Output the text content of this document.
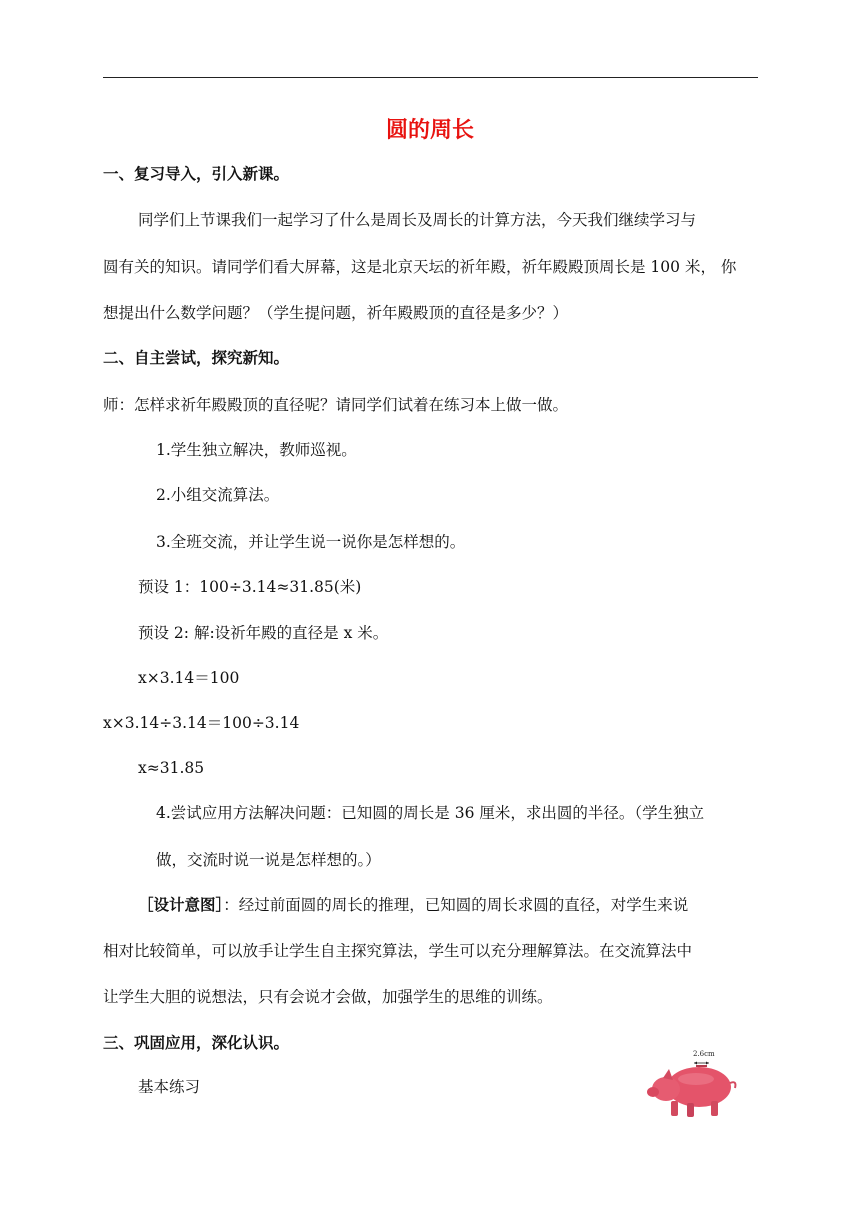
圆的周长
一、复习导入，引入新课。
同学们上节课我们一起学习了什么是周长及周长的计算方法，今天我们继续学习与
圆有关的知识。请同学们看大屏幕，这是北京天坛的祈年殿，祈年殿殿顶周长是 100 米， 你
想提出什么数学问题？（学生提问题，祈年殿殿顶的直径是多少？）
二、自主尝试，探究新知。
师：怎样求祈年殿殿顶的直径呢？请同学们试着在练习本上做一做。
1.学生独立解决，教师巡视。
2.小组交流算法。
3.全班交流，并让学生说一说你是怎样想的。
预设 1：100÷3.14≈31.85(米)
预设 2: 解:设祈年殿的直径是 x 米。
x×3.14＝100
x×3.14÷3.14＝100÷3.14
x≈31.85
4.尝试应用方法解决问题：已知圆的周长是 36 厘米，求出圆的半径。（学生独立
做，交流时说一说是怎样想的。）
［设计意图］：经过前面圆的周长的推理，已知圆的周长求圆的直径，对学生来说
相对比较简单，可以放手让学生自主探究算法，学生可以充分理解算法。在交流算法中
让学生大胆的说想法，只有会说才会做，加强学生的思维的训练。
三、巩固应用，深化认识。
基本练习
2.6cm
